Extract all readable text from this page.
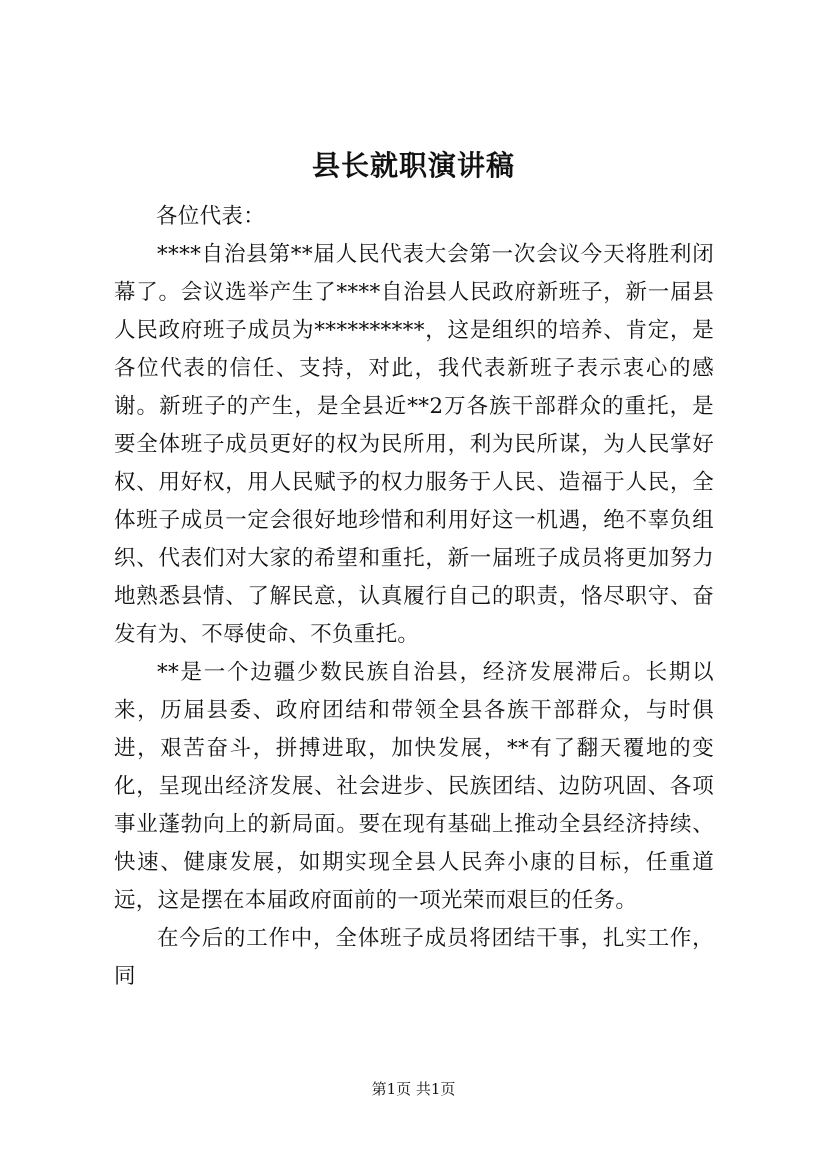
县长就职演讲稿

各位代表：

****自治县第**届人民代表大会第一次会议今天将胜利闭幕了。会议选举产生了****自治县人民政府新班子，新一届县人民政府班子成员为**********，这是组织的培养、肯定，是各位代表的信任、支持，对此，我代表新班子表示衷心的感谢。新班子的产生，是全县近**2万各族干部群众的重托，是要全体班子成员更好的权为民所用，利为民所谋，为人民掌好权、用好权，用人民赋予的权力服务于人民、造福于人民，全体班子成员一定会很好地珍惜和利用好这一机遇，绝不辜负组织、代表们对大家的希望和重托，新一届班子成员将更加努力地熟悉县情、了解民意，认真履行自己的职责，恪尽职守、奋发有为、不辱使命、不负重托。

**是一个边疆少数民族自治县，经济发展滞后。长期以来，历届县委、政府团结和带领全县各族干部群众，与时俱进，艰苦奋斗，拼搏进取，加快发展，**有了翻天覆地的变化，呈现出经济发展、社会进步、民族团结、边防巩固、各项事业蓬勃向上的新局面。要在现有基础上推动全县经济持续、快速、健康发展，如期实现全县人民奔小康的目标，任重道远，这是摆在本届政府面前的一项光荣而艰巨的任务。

在今后的工作中，全体班子成员将团结干事，扎实工作，同

第1页 共1页
